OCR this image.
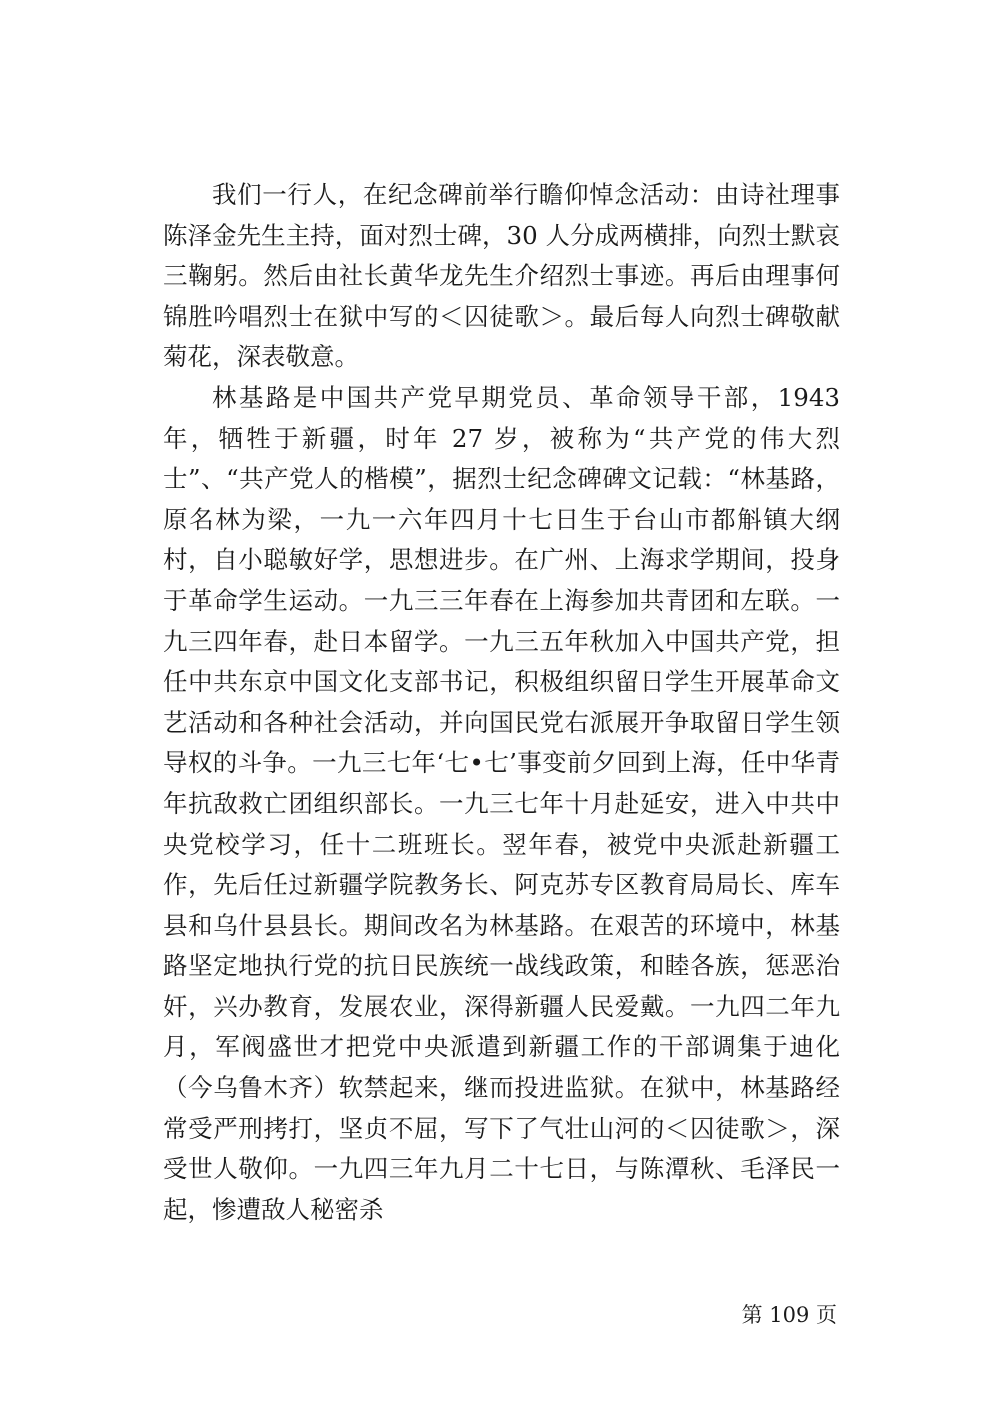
我们一行人，在纪念碑前举行瞻仰悼念活动：由诗社理事陈泽金先生主持，面对烈士碑，30 人分成两横排，向烈士默哀三鞠躬。然后由社长黄华龙先生介绍烈士事迹。再后由理事何锦胜吟唱烈士在狱中写的＜囚徒歌＞。最后每人向烈士碑敬献菊花，深表敬意。

林基路是中国共产党早期党员、革命领导干部，1943 年，牺牲于新疆，时年 27 岁，被称为“共产党的伟大烈士”、“共产党人的楷模”，据烈士纪念碑碑文记载：“林基路，原名林为梁，一九一六年四月十七日生于台山市都斛镇大纲村，自小聪敏好学，思想进步。在广州、上海求学期间，投身于革命学生运动。一九三三年春在上海参加共青团和左联。一九三四年春，赴日本留学。一九三五年秋加入中国共产党，担任中共东京中国文化支部书记，积极组织留日学生开展革命文艺活动和各种社会活动，并向国民党右派展开争取留日学生领导权的斗争。一九三七年‘七•七’事变前夕回到上海，任中华青年抗敌救亡团组织部长。一九三七年十月赴延安，进入中共中央党校学习，任十二班班长。翌年春，被党中央派赴新疆工作，先后任过新疆学院教务长、阿克苏专区教育局局长、库车县和乌什县县长。期间改名为林基路。在艰苦的环境中，林基路坚定地执行党的抗日民族统一战线政策，和睦各族，惩恶治奸，兴办教育，发展农业，深得新疆人民爱戴。一九四二年九月，军阀盛世才把党中央派遣到新疆工作的干部调集于迪化（今乌鲁木齐）软禁起来，继而投进监狱。在狱中，林基路经常受严刑拷打，坚贞不屈，写下了气壮山河的＜囚徒歌＞，深受世人敬仰。一九四三年九月二十七日，与陈潭秋、毛泽民一起，惨遭敌人秘密杀

第 109 页
